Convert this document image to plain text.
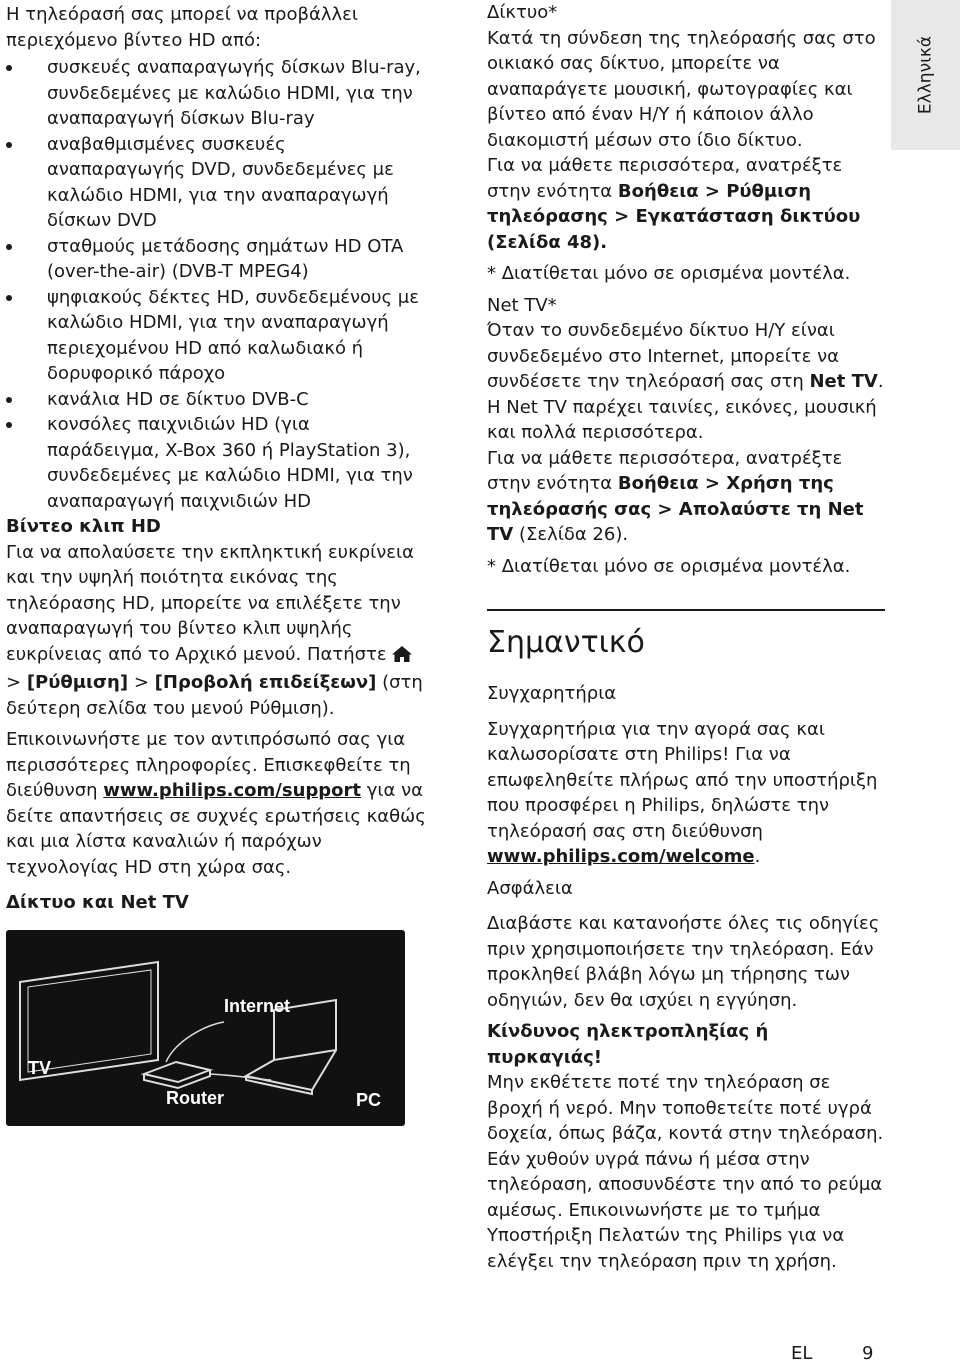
Η τηλεόρασή σας μπορεί να προβάλλει περιεχόμενο βίντεο HD από:

συσκευές αναπαραγωγής δίσκων Blu-ray, συνδεδεμένες με καλώδιο HDMI, για την αναπαραγωγή δίσκων Blu-ray
αναβαθμισμένες συσκευές αναπαραγωγής DVD, συνδεδεμένες με καλώδιο HDMI, για την αναπαραγωγή δίσκων DVD
σταθμούς μετάδοσης σημάτων HD OTA (over-the-air) (DVB-T MPEG4)
ψηφιακούς δέκτες HD, συνδεδεμένους με καλώδιο HDMI, για την αναπαραγωγή περιεχομένου HD από καλωδιακό ή δορυφορικό πάροχο
κανάλια HD σε δίκτυο DVB-C
κονσόλες παιχνιδιών HD (για παράδειγμα, X-Box 360 ή PlayStation 3), συνδεδεμένες με καλώδιο HDMI, για την αναπαραγωγή παιχνιδιών HD

Βίντεο κλιπ HD

Για να απολαύσετε την εκπληκτική ευκρίνεια και την υψηλή ποιότητα εικόνας της τηλεόρασης HD, μπορείτε να επιλέξετε την αναπαραγωγή του βίντεο κλιπ υψηλής ευκρίνειας από το Αρχικό μενού. Πατήστε > [Ρύθμιση] > [Προβολή επιδείξεων] (στη δεύτερη σελίδα του μενού Ρύθμιση).

Επικοινωνήστε με τον αντιπρόσωπό σας για περισσότερες πληροφορίες. Επισκεφθείτε τη διεύθυνση www.philips.com/support για να δείτε απαντήσεις σε συχνές ερωτήσεις καθώς και μια λίστα καναλιών ή παρόχων τεχνολογίας HD στη χώρα σας.

Δίκτυο και Net TV

Internet
TV
Router	PC

Δίκτυο*

Κατά τη σύνδεση της τηλεόρασής σας στο οικιακό σας δίκτυο, μπορείτε να αναπαράγετε μουσική, φωτογραφίες και βίντεο από έναν Η/Υ ή κάποιον άλλο διακομιστή μέσων στο ίδιο δίκτυο.

Για να μάθετε περισσότερα, ανατρέξτε στην ενότητα Βοήθεια > Ρύθμιση τηλεόρασης > Εγκατάσταση δικτύου (Σελίδα 48).

* Διατίθεται μόνο σε ορισμένα μοντέλα.

Net TV*

Όταν το συνδεδεμένο δίκτυο Η/Υ είναι συνδεδεμένο στο Internet, μπορείτε να συνδέσετε την τηλεόρασή σας στη Net TV.

Η Net TV παρέχει ταινίες, εικόνες, μουσική και πολλά περισσότερα.

Για να μάθετε περισσότερα, ανατρέξτε στην ενότητα Βοήθεια > Χρήση της τηλεόρασής σας > Απολαύστε τη Net TV (Σελίδα 26).

* Διατίθεται μόνο σε ορισμένα μοντέλα.

Σημαντικό

Συγχαρητήρια

Συγχαρητήρια για την αγορά σας και καλωσορίσατε στη Philips! Για να επωφεληθείτε πλήρως από την υποστήριξη που προσφέρει η Philips, δηλώστε την τηλεόρασή σας στη διεύθυνση www.philips.com/welcome.

Ασφάλεια

Διαβάστε και κατανοήστε όλες τις οδηγίες πριν χρησιμοποιήσετε την τηλεόραση. Εάν προκληθεί βλάβη λόγω μη τήρησης των οδηγιών, δεν θα ισχύει η εγγύηση.

Κίνδυνος ηλεκτροπληξίας ή πυρκαγιάς!

Μην εκθέτετε ποτέ την τηλεόραση σε βροχή ή νερό. Μην τοποθετείτε ποτέ υγρά δοχεία, όπως βάζα, κοντά στην τηλεόραση. Εάν χυθούν υγρά πάνω ή μέσα στην τηλεόραση, αποσυνδέστε την από το ρεύμα αμέσως. Επικοινωνήστε με το τμήμα Υποστήριξη Πελατών της Philips για να ελέγξει την τηλεόραση πριν τη χρήση.

Ελληνικά
EL	9
